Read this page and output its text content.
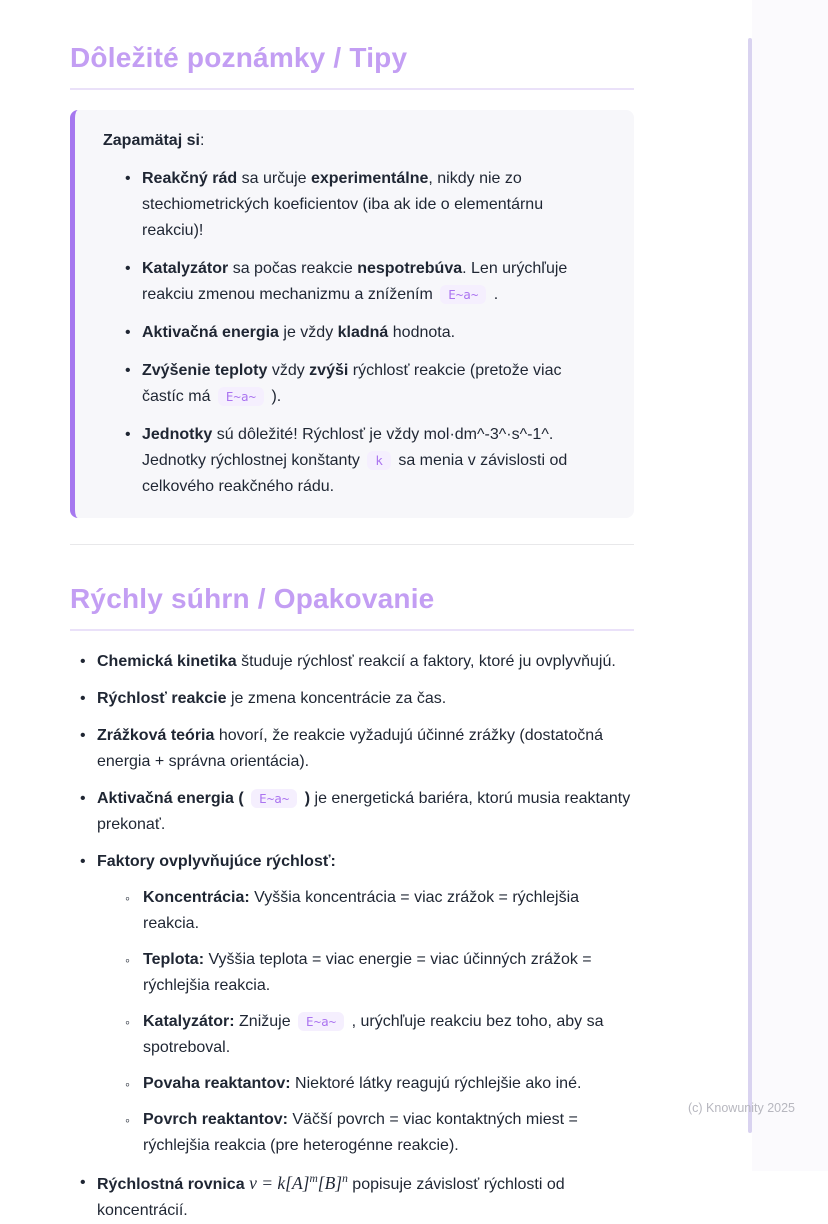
Dôležité poznámky / Tipy

Zapamätaj si:

• Reakčný rád sa určuje experimentálne, nikdy nie zo stechiometrických koeficientov (iba ak ide o elementárnu reakciu)!
• Katalyzátor sa počas reakcie nespotrebúva. Len urýchľuje reakciu zmenou mechanizmu a znížením E~a~ .
• Aktivačná energia je vždy kladná hodnota.
• Zvýšenie teploty vždy zvýši rýchlosť reakcie (pretože viac častíc má E~a~ ).
• Jednotky sú dôležité! Rýchlosť je vždy mol·dm^-3^·s^-1^. Jednotky rýchlostnej konštanty k sa menia v závislosti od celkového reakčného rádu.
Rýchly súhrn / Opakovanie
• Chemická kinetika študuje rýchlosť reakcií a faktory, ktoré ju ovplyvňujú.
• Rýchlosť reakcie je zmena koncentrácie za čas.
• Zrážková teória hovorí, že reakcie vyžadujú účinné zrážky (dostatočná energia + správna orientácia).
• Aktivačná energia ( E~a~ ) je energetická bariéra, ktorú musia reaktanty prekonať.
• Faktory ovplyvňujúce rýchlosť:
◦ Koncentrácia: Vyššia koncentrácia = viac zrážok = rýchlejšia reakcia.
◦ Teplota: Vyššia teplota = viac energie = viac účinných zrážok = rýchlejšia reakcia.
◦ Katalyzátor: Znižuje E~a~ , urýchľuje reakciu bez toho, aby sa spotreboval.
◦ Povaha reaktantov: Niektoré látky reagujú rýchlejšie ako iné.
◦ Povrch reaktantov: Väčší povrch = viac kontaktných miest = rýchlejšia reakcia (pre heterogénne reakcie).
• Rýchlostná rovnica $v = k[A]^m[B]^n$ popisuje závislosť rýchlosti od koncentrácií.
(c) Knowunity 2025
